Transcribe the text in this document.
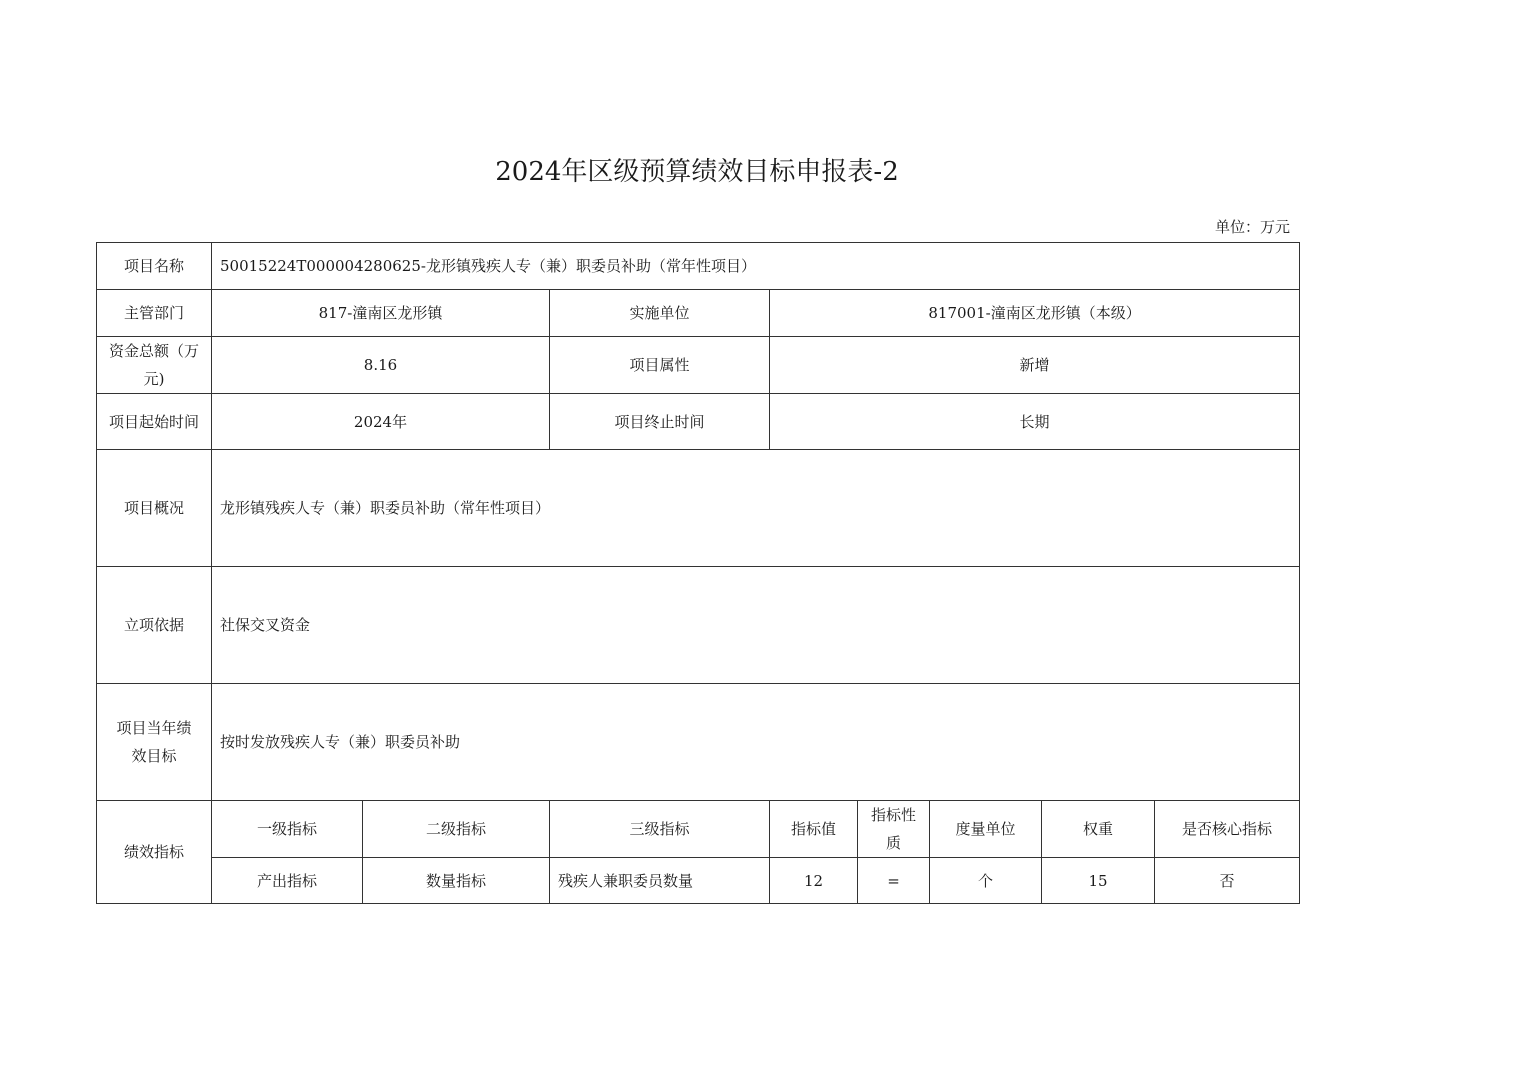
2024年区级预算绩效目标申报表-2
单位：万元
项目名称	50015224T000004280625-龙形镇残疾人专（兼）职委员补助（常年性项目）							
主管部门	817-潼南区龙形镇		实施单位	817001-潼南区龙形镇（本级）				
资金总额（万元)	8.16		项目属性	新增				
项目起始时间	2024年		项目终止时间	长期				
项目概况	龙形镇残疾人专（兼）职委员补助（常年性项目）							
立项依据	社保交叉资金							
项目当年绩效目标	按时发放残疾人专（兼）职委员补助							
绩效指标	一级指标	二级指标	三级指标	指标值	指标性质	度量单位	权重	是否核心指标
	产出指标	数量指标	残疾人兼职委员数量	12	=	个	15	否
